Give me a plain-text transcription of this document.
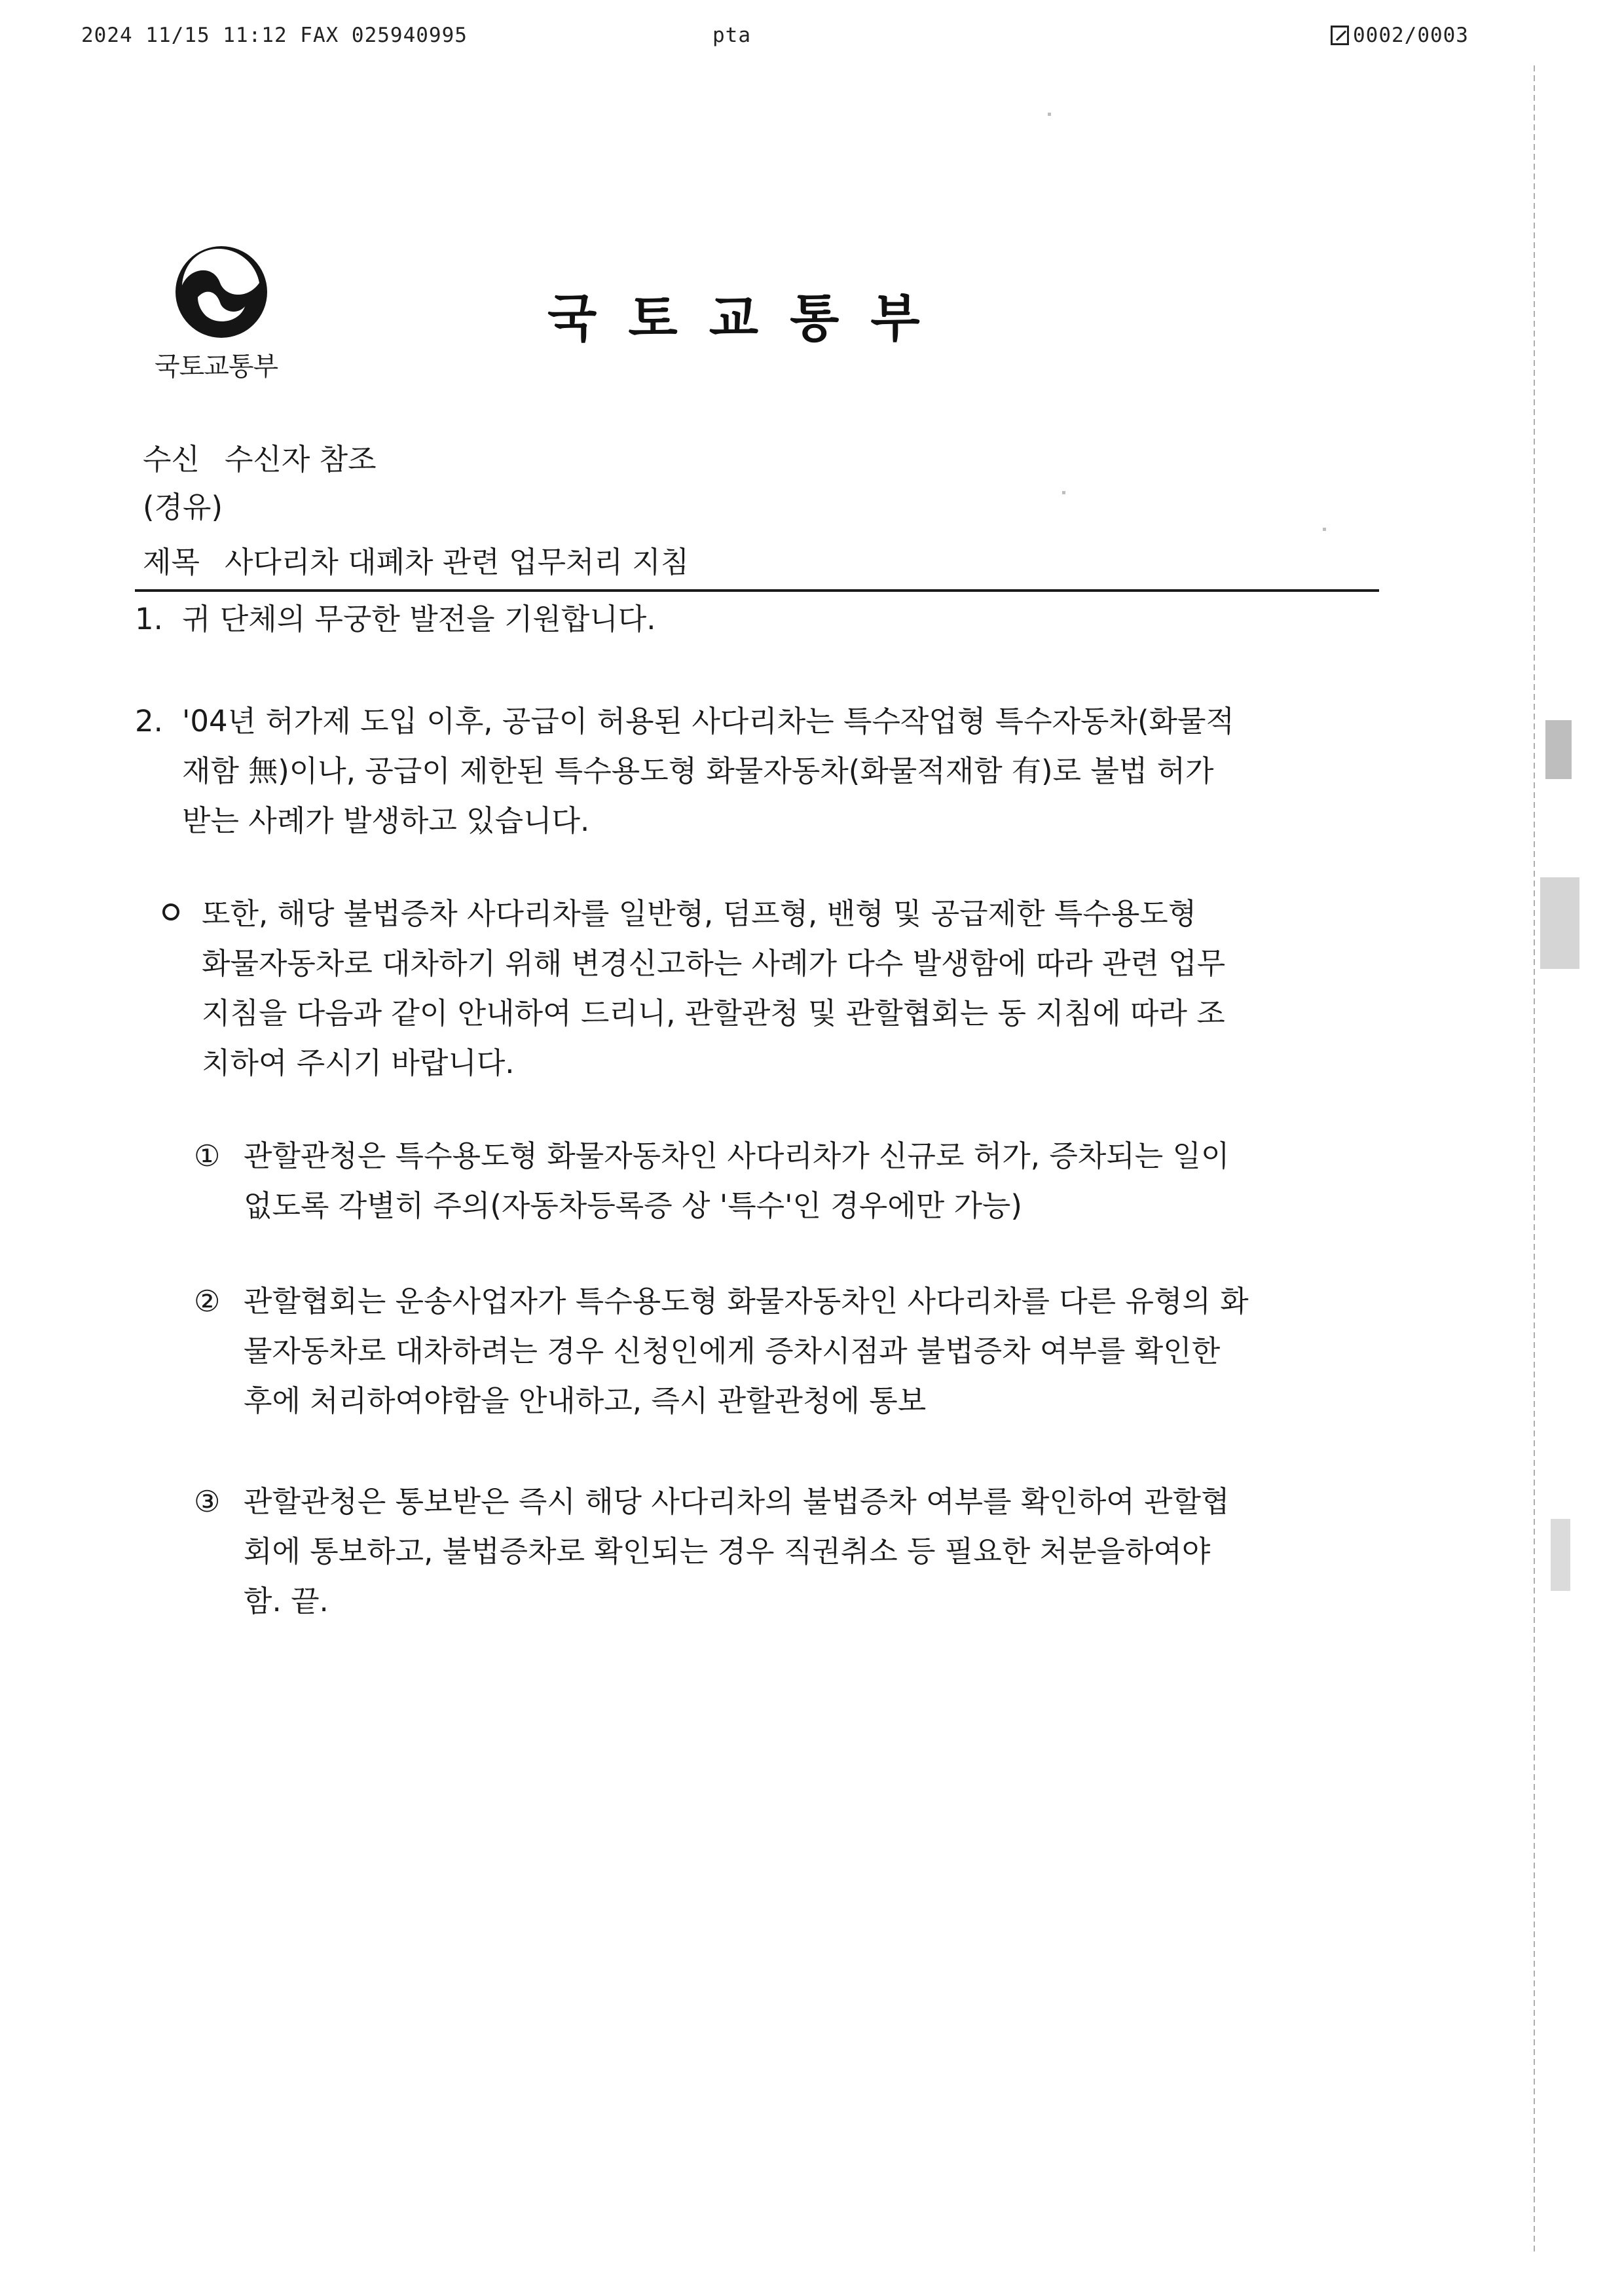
2024 11/15 11:12 FAX 025940995	pta	0002/0003
국토교통부
국토교통부
수신 수신자 참조
(경유)
제목 사다리차 대폐차 관련 업무처리 지침
1. 귀 단체의 무궁한 발전을 기원합니다.
2. '04년 허가제 도입 이후, 공급이 허용된 사다리차는 특수작업형 특수자동차(화물적
재함 無)이나, 공급이 제한된 특수용도형 화물자동차(화물적재함 有)로 불법 허가
받는 사례가 발생하고 있습니다.
또한, 해당 불법증차 사다리차를 일반형, 덤프형, 밴형 및 공급제한 특수용도형
화물자동차로 대차하기 위해 변경신고하는 사례가 다수 발생함에 따라 관련 업무
지침을 다음과 같이 안내하여 드리니, 관할관청 및 관할협회는 동 지침에 따라 조
치하여 주시기 바랍니다.
① 관할관청은 특수용도형 화물자동차인 사다리차가 신규로 허가, 증차되는 일이
없도록 각별히 주의(자동차등록증 상 '특수'인 경우에만 가능)
② 관할협회는 운송사업자가 특수용도형 화물자동차인 사다리차를 다른 유형의 화
물자동차로 대차하려는 경우 신청인에게 증차시점과 불법증차 여부를 확인한
후에 처리하여야함을 안내하고, 즉시 관할관청에 통보
③ 관할관청은 통보받은 즉시 해당 사다리차의 불법증차 여부를 확인하여 관할협
회에 통보하고, 불법증차로 확인되는 경우 직권취소 등 필요한 처분을하여야
함. 끝.
